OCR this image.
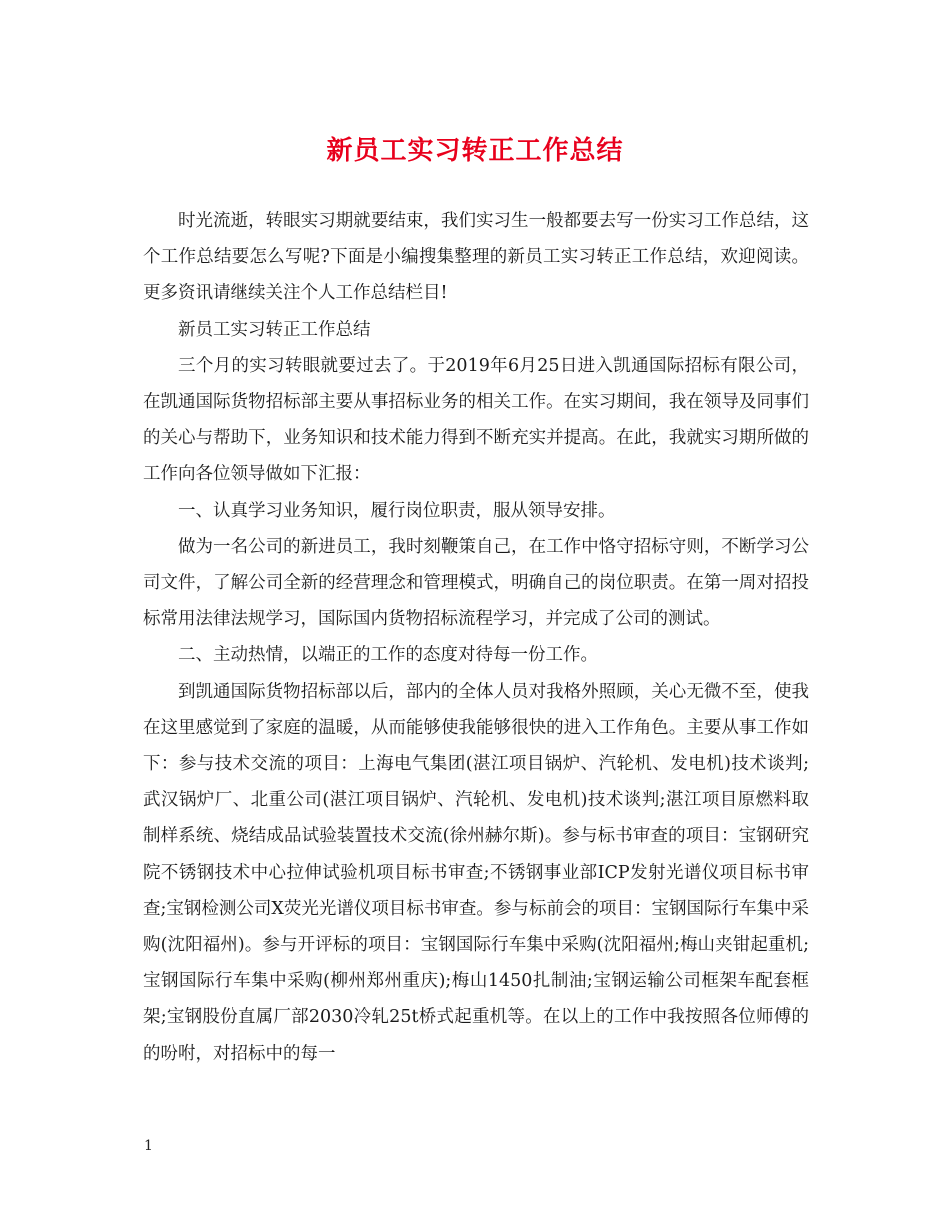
新员工实习转正工作总结

时光流逝，转眼实习期就要结束，我们实习生一般都要去写一份实习工作总结，这个工作总结要怎么写呢?下面是小编搜集整理的新员工实习转正工作总结，欢迎阅读。更多资讯请继续关注个人工作总结栏目!

新员工实习转正工作总结

三个月的实习转眼就要过去了。于2019年6月25日进入凯通国际招标有限公司，在凯通国际货物招标部主要从事招标业务的相关工作。在实习期间，我在领导及同事们的关心与帮助下，业务知识和技术能力得到不断充实并提高。在此，我就实习期所做的工作向各位领导做如下汇报：

一、认真学习业务知识，履行岗位职责，服从领导安排。

做为一名公司的新进员工，我时刻鞭策自己，在工作中恪守招标守则，不断学习公司文件，了解公司全新的经营理念和管理模式，明确自己的岗位职责。在第一周对招投标常用法律法规学习，国际国内货物招标流程学习，并完成了公司的测试。

二、主动热情，以端正的工作的态度对待每一份工作。

到凯通国际货物招标部以后，部内的全体人员对我格外照顾，关心无微不至，使我在这里感觉到了家庭的温暖，从而能够使我能够很快的进入工作角色。主要从事工作如下：参与技术交流的项目：上海电气集团(湛江项目锅炉、汽轮机、发电机)技术谈判;武汉锅炉厂、北重公司(湛江项目锅炉、汽轮机、发电机)技术谈判;湛江项目原燃料取制样系统、烧结成品试验装置技术交流(徐州赫尔斯)。参与标书审查的项目：宝钢研究院不锈钢技术中心拉伸试验机项目标书审查;不锈钢事业部ICP发射光谱仪项目标书审查;宝钢检测公司X荧光光谱仪项目标书审查。参与标前会的项目：宝钢国际行车集中采购(沈阳福州)。参与开评标的项目：宝钢国际行车集中采购(沈阳福州;梅山夹钳起重机;宝钢国际行车集中采购(柳州郑州重庆);梅山1450扎制油;宝钢运输公司框架车配套框架;宝钢股份直属厂部2030冷轧25t桥式起重机等。在以上的工作中我按照各位师傅的的吩咐，对招标中的每一

1
